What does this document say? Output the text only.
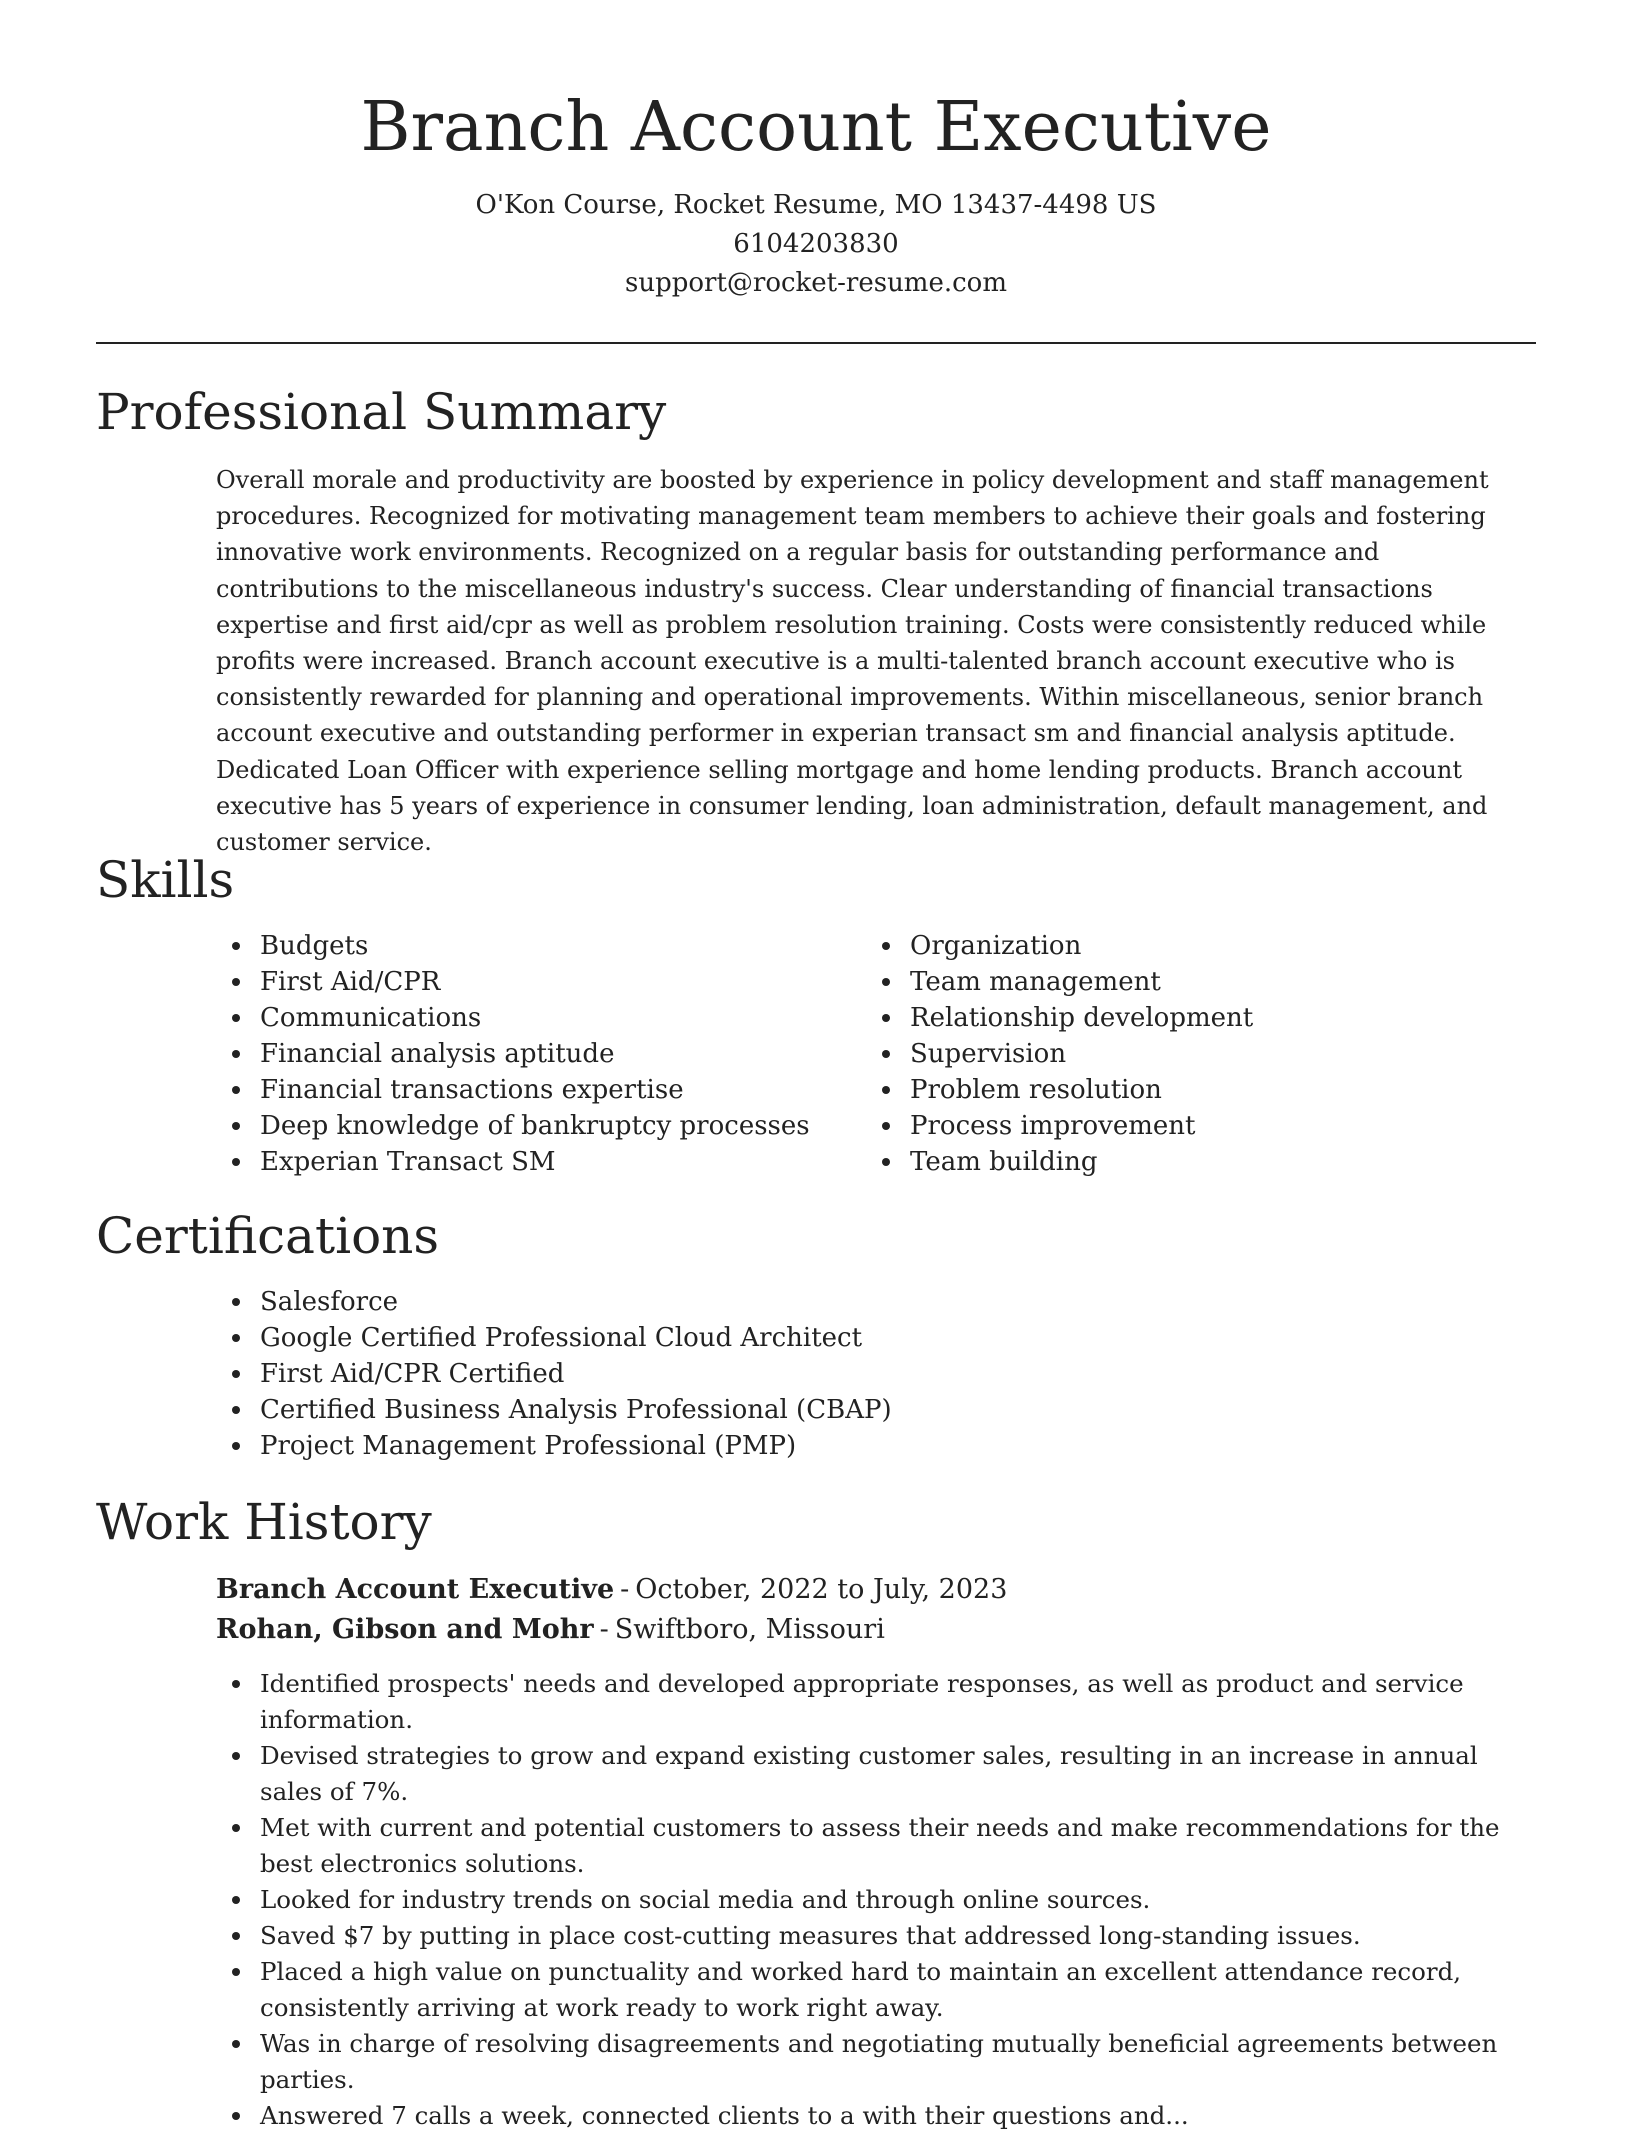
Branch Account Executive

O'Kon Course, Rocket Resume, MO 13437-4498 US

6104203830

support@rocket-resume.com

Professional Summary

Overall morale and productivity are boosted by experience in policy development and staff management procedures. Recognized for motivating management team members to achieve their goals and fostering innovative work environments. Recognized on a regular basis for outstanding performance and contributions to the miscellaneous industry's success. Clear understanding of financial transactions expertise and first aid/cpr as well as problem resolution training. Costs were consistently reduced while profits were increased. Branch account executive is a multi-talented branch account executive who is consistently rewarded for planning and operational improvements. Within miscellaneous, senior branch account executive and outstanding performer in experian transact sm and financial analysis aptitude. Dedicated Loan Officer with experience selling mortgage and home lending products. Branch account executive has 5 years of experience in consumer lending, loan administration, default management, and customer service.

Skills
Budgets
First Aid/CPR
Communications
Financial analysis aptitude
Financial transactions expertise
Deep knowledge of bankruptcy processes
Experian Transact SM
Organization
Team management
Relationship development
Supervision
Problem resolution
Process improvement
Team building
Certifications
Salesforce
Google Certified Professional Cloud Architect
First Aid/CPR Certified
Certified Business Analysis Professional (CBAP)
Project Management Professional (PMP)
Work History

Branch Account Executive - October, 2022 to July, 2023

Rohan, Gibson and Mohr - Swiftboro, Missouri

Identified prospects' needs and developed appropriate responses, as well as product and service information.
Devised strategies to grow and expand existing customer sales, resulting in an increase in annual sales of 7%.
Met with current and potential customers to assess their needs and make recommendations for the best electronics solutions.
Looked for industry trends on social media and through online sources.
Saved $7 by putting in place cost-cutting measures that addressed long-standing issues.
Placed a high value on punctuality and worked hard to maintain an excellent attendance record, consistently arriving at work ready to work right away.
Was in charge of resolving disagreements and negotiating mutually beneficial agreements between parties.
Answered 7 calls a week, connected clients to a with their questions and...
